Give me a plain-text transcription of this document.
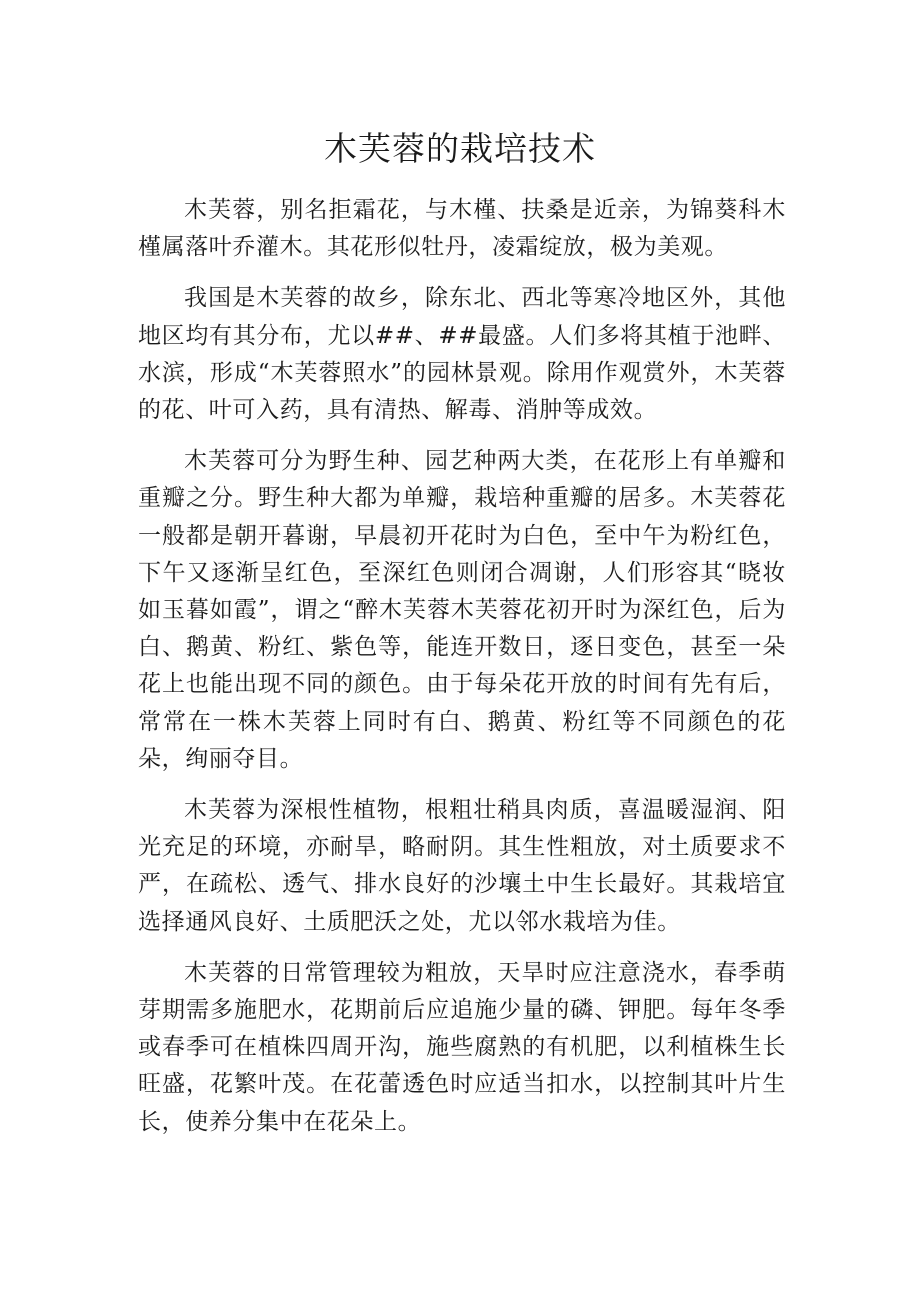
木芙蓉的栽培技术

木芙蓉，别名拒霜花，与木槿、扶桑是近亲，为锦葵科木槿属落叶乔灌木。其花形似牡丹，凌霜绽放，极为美观。

我国是木芙蓉的故乡，除东北、西北等寒冷地区外，其他地区均有其分布，尤以##、##最盛。人们多将其植于池畔、水滨，形成“木芙蓉照水”的园林景观。除用作观赏外，木芙蓉的花、叶可入药，具有清热、解毒、消肿等成效。

木芙蓉可分为野生种、园艺种两大类，在花形上有单瓣和重瓣之分。野生种大都为单瓣，栽培种重瓣的居多。木芙蓉花一般都是朝开暮谢，早晨初开花时为白色，至中午为粉红色，下午又逐渐呈红色，至深红色则闭合凋谢，人们形容其“晓妆如玉暮如霞”，谓之“醉木芙蓉木芙蓉花初开时为深红色，后为白、鹅黄、粉红、紫色等，能连开数日，逐日变色，甚至一朵花上也能出现不同的颜色。由于每朵花开放的时间有先有后，常常在一株木芙蓉上同时有白、鹅黄、粉红等不同颜色的花朵，绚丽夺目。

木芙蓉为深根性植物，根粗壮稍具肉质，喜温暖湿润、阳光充足的环境，亦耐旱，略耐阴。其生性粗放，对土质要求不严，在疏松、透气、排水良好的沙壤土中生长最好。其栽培宜选择通风良好、土质肥沃之处，尤以邻水栽培为佳。

木芙蓉的日常管理较为粗放，天旱时应注意浇水，春季萌芽期需多施肥水，花期前后应追施少量的磷、钾肥。每年冬季或春季可在植株四周开沟，施些腐熟的有机肥，以利植株生长旺盛，花繁叶茂。在花蕾透色时应适当扣水，以控制其叶片生长，使养分集中在花朵上。
